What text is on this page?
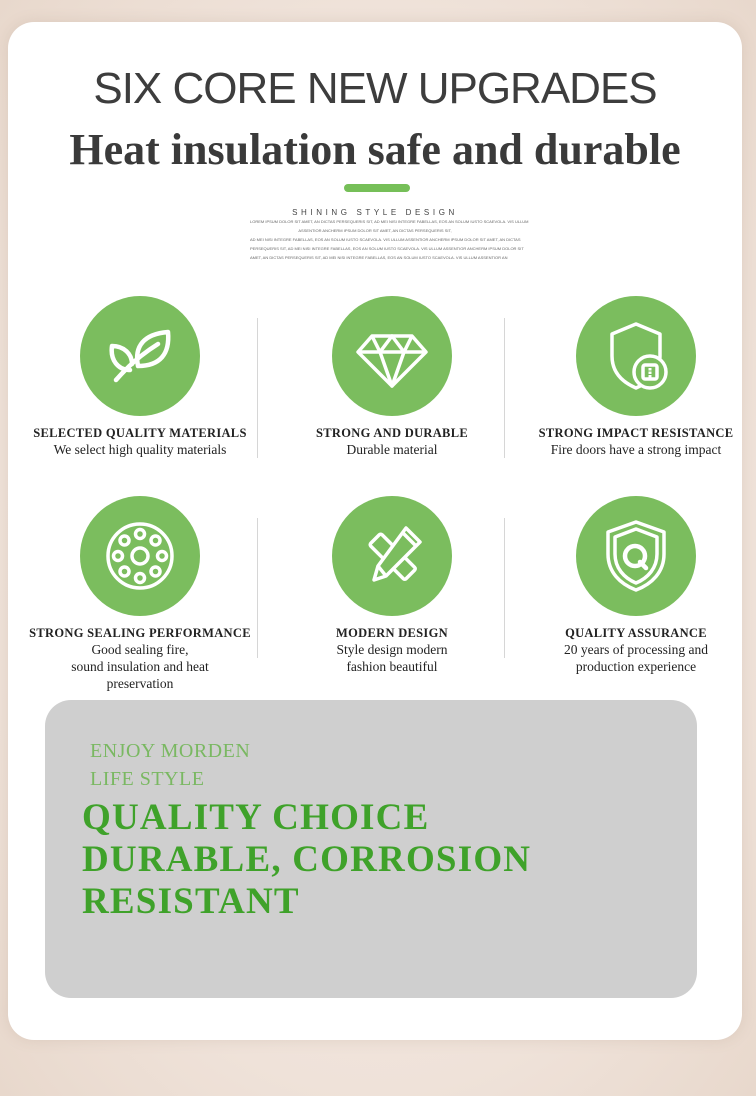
SIX CORE NEW UPGRADES
Heat insulation safe and durable
SHINING STYLE DESIGN
LOREM IPSUM DOLOR SIT AMET, AN DICTAS PERSEQUERIS SIT, AD MEI NISI INTEGRE FABELLAS, EOS AN SOLUM IUSTO SCAEVOLA. VIS ULLUM
ASSENTIOR ANCHERM IPSUM DOLOR SIT AMET, AN DICTAS PERSEQUERIS SIT,
AD MEI NISI INTEGRE FABELLAS, EOS AN SOLUM IUSTO SCAEVOLA. VIS ULLUM ASSENTIOR ANCHERM IPSUM DOLOR SIT AMET, AN DICTAS
PERSEQUERIS SIT, AD MEI NISI INTEGRE FABELLAS, EOS AN SOLUM IUSTO SCAEVOLA. VIS ULLUM ASSENTIOR ANCHERM IPSUM DOLOR SIT
AMET, AN DICTAS PERSEQUERIS SIT, AD MEI NISI INTEGRE FABELLAS, EOS AN SOLUM IUSTO SCAEVOLA. VIS ULLUM ASSENTIOR AN
SELECTED QUALITY MATERIALS
We select high quality materials
STRONG AND DURABLE
Durable material
STRONG IMPACT RESISTANCE
Fire doors have a strong impact
STRONG SEALING PERFORMANCE
Good sealing fire,
sound insulation and heat
preservation
MODERN DESIGN
Style design modern
fashion beautiful
QUALITY ASSURANCE
20 years of processing and
production experience
ENJOY MORDEN
LIFE STYLE
QUALITY CHOICE
DURABLE, CORROSION
RESISTANT
